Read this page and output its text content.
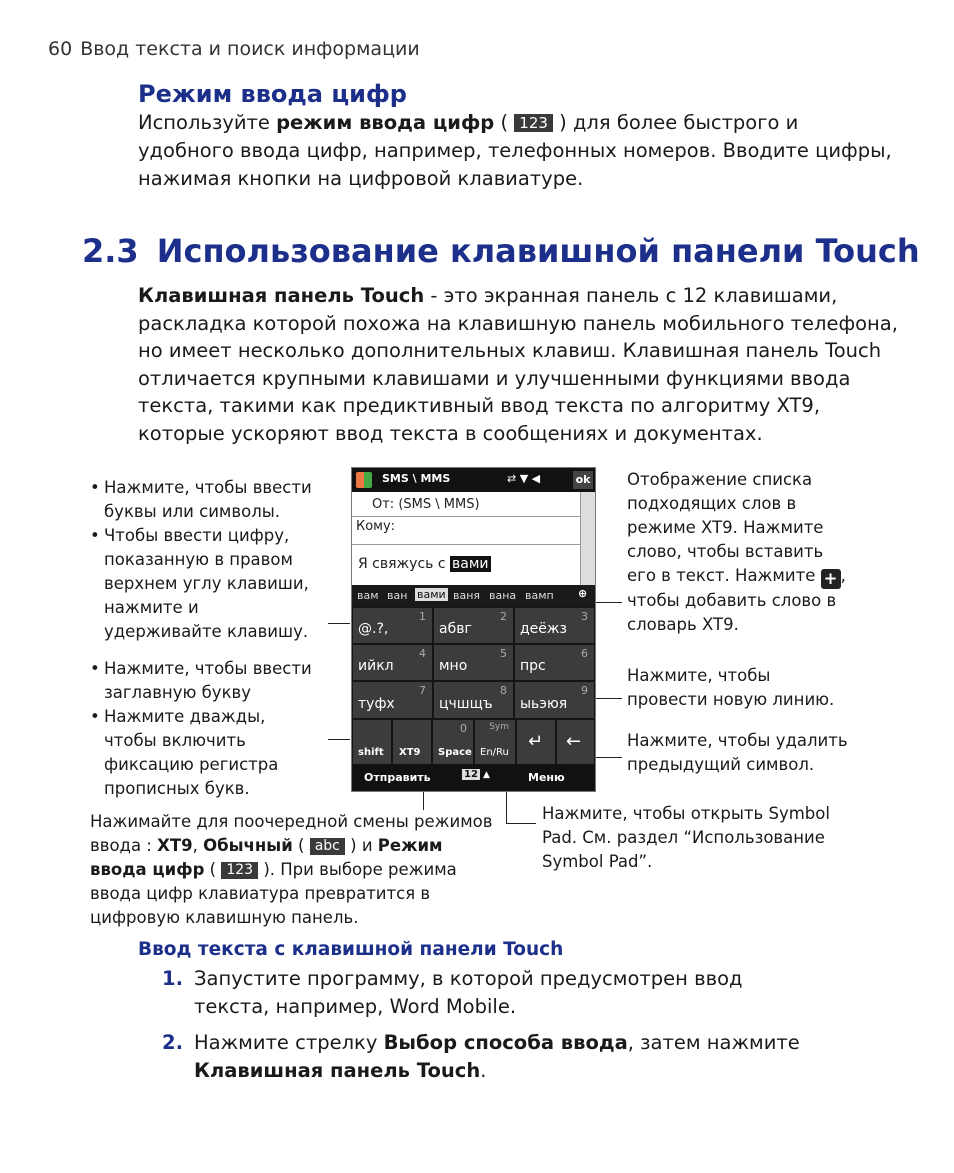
60 Ввод текста и поиск информации
Режим ввода цифр
Используйте режим ввода цифр ( 123 ) для более быстрого и удобного ввода цифр, например, телефонных номеров. Вводите цифры, нажимая кнопки на цифровой клавиатуре.
2.3 Использование клавишной панели Touch
Клавишная панель Touch - это экранная панель с 12 клавишами, раскладка которой похожа на клавишную панель мобильного телефона, но имеет несколько дополнительных клавиш. Клавишная панель Touch отличается крупными клавишами и улучшенными функциями ввода текста, такими как предиктивный ввод текста по алгоритму XT9, которые ускоряют ввод текста в сообщениях и документах.
• Нажмите, чтобы ввести буквы или символы.
• Чтобы ввести цифру, показанную в правом верхнем углу клавиши, нажмите и удерживайте клавишу.
• Нажмите, чтобы ввести заглавную букву
• Нажмите дважды, чтобы включить фиксацию регистра прописных букв.
Отображение списка подходящих слов в режиме XT9. Нажмите слово, чтобы вставить его в текст. Нажмите + , чтобы добавить слово в словарь XT9.
Нажмите, чтобы провести новую линию.
Нажмите, чтобы удалить предыдущий символ.
Нажимайте для поочередной смены режимов ввода : XT9, Обычный ( abc ) и Режим ввода цифр ( 123 ). При выборе режима ввода цифр клавиатура превратится в цифровую клавишную панель.
Нажмите, чтобы открыть Symbol Pad. См. раздел “Использование Symbol Pad”.
SMS \ MMS	⇄ ▼ ◀	ok
От: (SMS \ MMS)
Кому:
Я свяжусь с вами
вам ван вами ваня вана вамп ⊕
1
@.?,
2
абвг
3
деёжз
4
ийкл
5
мно
6
прс
7
туфх
8
цчшщъ
9
ыьэюя
shift XT9
0
Space
Sym
En/Ru
↵ ←
Отправить	12 ▲	Меню
Ввод текста с клавишной панели Touch
1. Запустите программу, в которой предусмотрен ввод текста, например, Word Mobile.
2. Нажмите стрелку Выбор способа ввода, затем нажмите Клавишная панель Touch.
